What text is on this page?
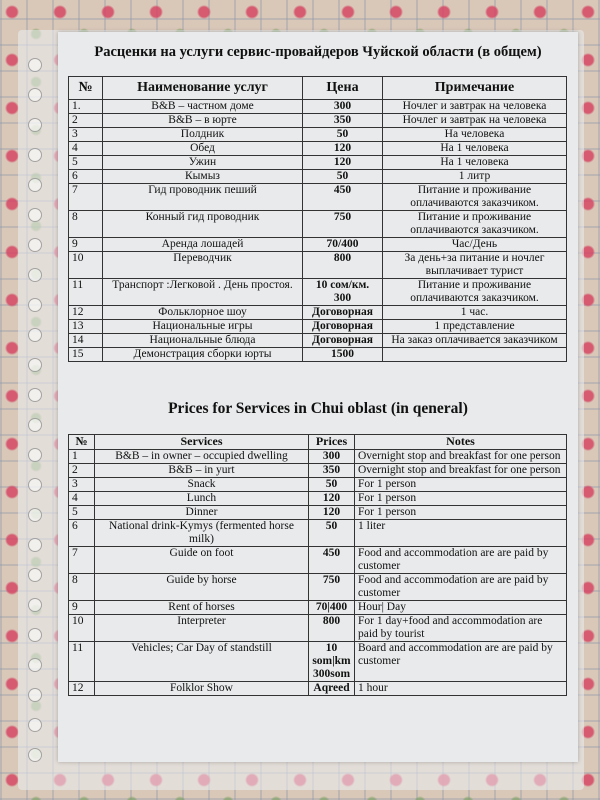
Расценки на услуги сервис-провайдеров Чуйской области (в общем)
№	Наименование услуг	Цена	Примечание
1.	B&B – частном доме	300	Ночлег и завтрак на человека
2	B&B – в юрте	350	Ночлег и завтрак на человека
3	Полдник	50	На человека
4	Обед	120	На 1 человека
5	Ужин	120	На 1 человека
6	Кымыз	50	1 литр
7	Гид проводник пеший	450	Питание и проживание оплачиваются заказчиком.
8	Конный гид проводник	750	Питание и проживание оплачиваются заказчиком.
9	Аренда лошадей	70/400	Час/День
10	Переводчик	800	За день+за питание и ночлег выплачивает турист
11	Транспорт :Легковой . День простоя.	10 сом/км. 300	Питание и проживание оплачиваются заказчиком.
12	Фольклорное шоу	Договорная	1 час.
13	Национальные игры	Договорная	1 представление
14	Национальные блюда	Договорная	На заказ оплачивается заказчиком
15	Демонстрация сборки юрты	1500	
Prices for Services in Chui oblast (in qeneral)
№	Services	Prices	Notes
1	B&B – in owner – occupied dwelling	300	Overnight stop and breakfast for one person
2	B&B – in yurt	350	Overnight stop and breakfast for one person
3	Snack	50	For 1 person
4	Lunch	120	For 1 person
5	Dinner	120	For 1 person
6	National drink-Kymys (fermented horse milk)	50	1 liter
7	Guide on foot	450	Food and accommodation are are paid by customer
8	Guide by horse	750	Food and accommodation are are paid by customer
9	Rent of horses	70|400	Hour| Day
10	Interpreter	800	For 1 day+food and accommodation are paid by tourist
11	Vehicles; Car Day of standstill	10 som|km 300som	Board and accommodation are are paid by customer
12	Folklor Show	Aqreed	1 hour
